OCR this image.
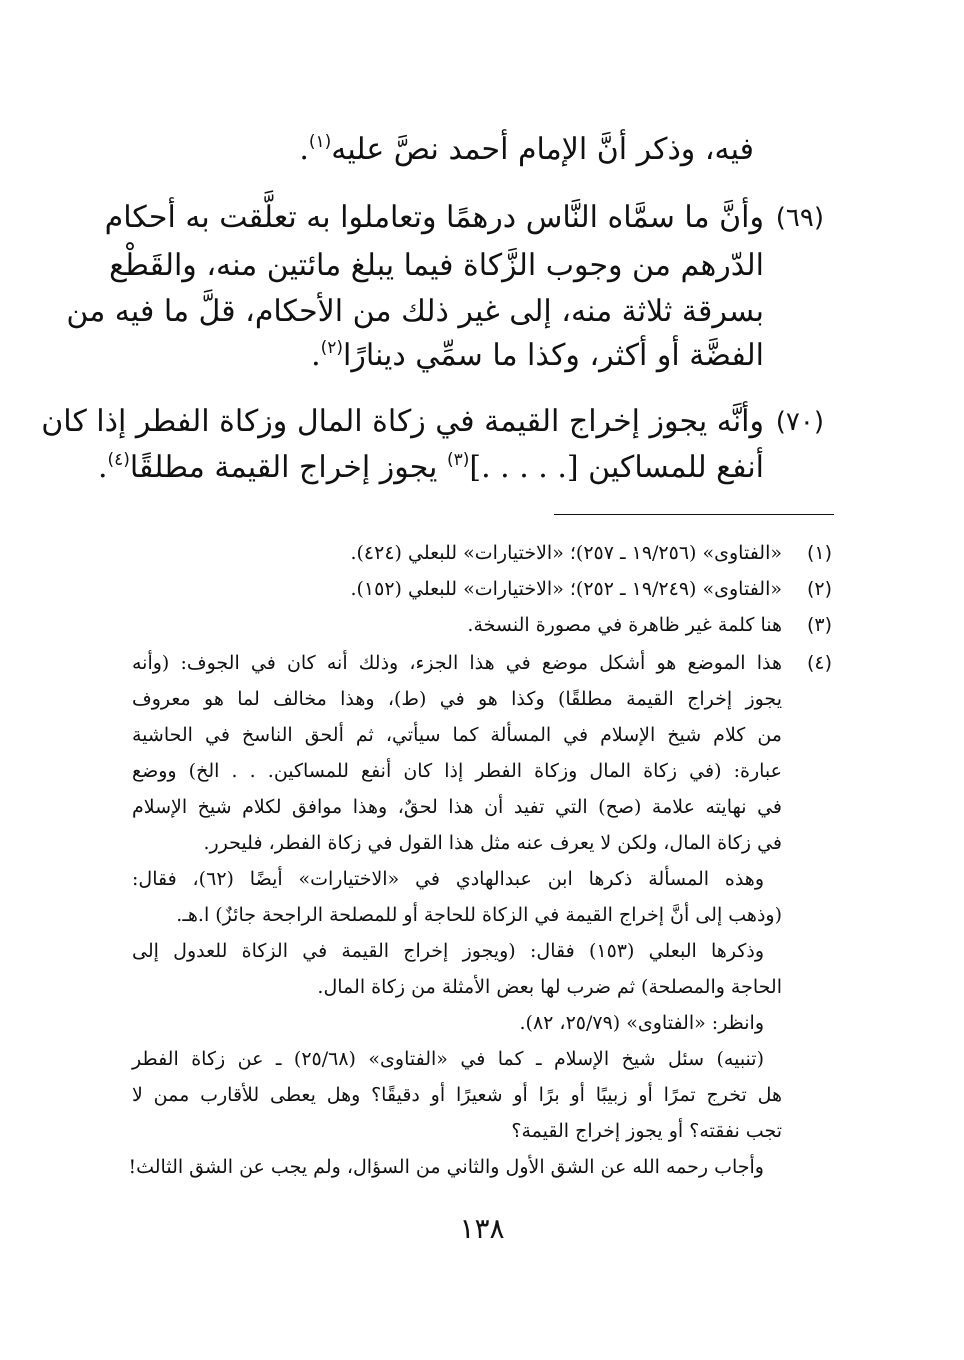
فيه، وذكر أنَّ الإمام أحمد نصَّ عليه$^{(١)}$.
(٦٩)
وأنَّ ما سمَّاه النَّاس درهمًا وتعاملوا به تعلَّقت به أحكام
الدّرهم من وجوب الزَّكاة فيما يبلغ مائتين منه، والقَطْع
بسرقة ثلاثة منه، إلى غير ذلك من الأحكام، قلَّ ما فيه من
الفضَّة أو أكثر، وكذا ما سمِّي دينارًا$^{(٢)}$.
(٧٠)
وأنَّه يجوز إخراج القيمة في زكاة المال وزكاة الفطر إذا كان
أنفع للمساكين [. . . . .]$^{(٣)}$ يجوز إخراج القيمة مطلقًا$^{(٤)}$.
(١)
«الفتاوى» (١٩/٢٥٦ ـ ٢٥٧)؛ «الاختيارات» للبعلي (٤٢٤).
(٢)
«الفتاوى» (١٩/٢٤٩ ـ ٢٥٢)؛ «الاختيارات» للبعلي (١٥٢).
(٣)
هنا كلمة غير ظاهرة في مصورة النسخة.
(٤)
هذا الموضع هو أشكل موضع في هذا الجزء، وذلك أنه كان في الجوف: (وأنه
يجوز إخراج القيمة مطلقًا) وكذا هو في (ط)، وهذا مخالف لما هو معروف
من كلام شيخ الإسلام في المسألة كما سيأتي، ثم ألحق الناسخ في الحاشية
عبارة: (في زكاة المال وزكاة الفطر إذا كان أنفع للمساكين. . . الخ) ووضع
في نهايته علامة (صح) التي تفيد أن هذا لحقٌ، وهذا موافق لكلام شيخ الإسلام
في زكاة المال، ولكن لا يعرف عنه مثل هذا القول في زكاة الفطر، فليحرر.
وهذه المسألة ذكرها ابن عبدالهادي في «الاختيارات» أيضًا (٦٢)، فقال:
(وذهب إلى أنَّ إخراج القيمة في الزكاة للحاجة أو للمصلحة الراجحة جائزٌ) ا.هـ.
وذكرها البعلي (١٥٣) فقال: (ويجوز إخراج القيمة في الزكاة للعدول إلى
الحاجة والمصلحة) ثم ضرب لها بعض الأمثلة من زكاة المال.
وانظر: «الفتاوى» (٢٥/٧٩، ٨٢).
(تنبيه) سئل شيخ الإسلام ـ كما في «الفتاوى» (٢٥/٦٨) ـ عن زكاة الفطر
هل تخرج تمرًا أو زبيبًا أو برًا أو شعيرًا أو دقيقًا؟ وهل يعطى للأقارب ممن لا
تجب نفقته؟ أو يجوز إخراج القيمة؟
وأجاب رحمه الله عن الشق الأول والثاني من السؤال، ولم يجب عن الشق الثالث!
١٣٨
